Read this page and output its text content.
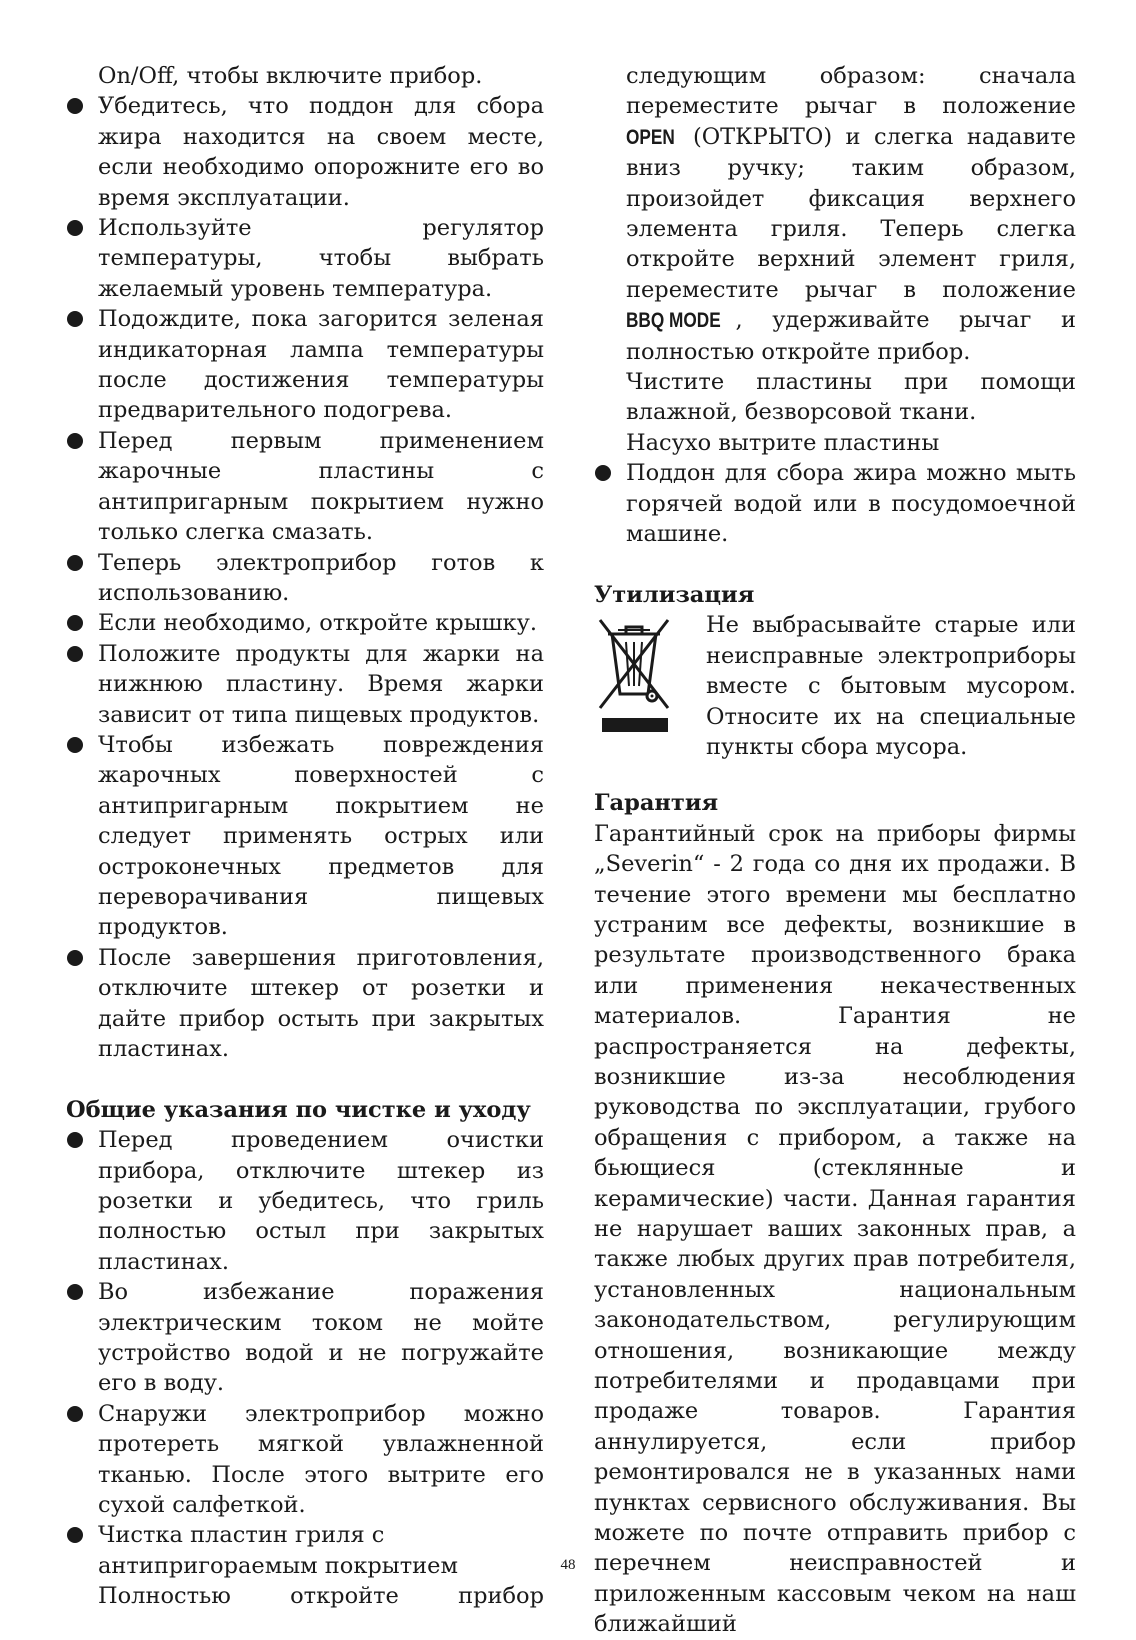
On/Off, чтобы включите прибор.
Убедитесь, что поддон для сбора жира находится на своем месте, если необходимо опорожните его во время эксплуатации.
Используйте регулятор температуры, чтобы выбрать желаемый уровень температура.
Подождите, пока загорится зеленая индикаторная лампа температуры после достижения температуры предварительного подогрева.
Перед первым применением жарочные пластины с антипригарным покрытием нужно только слегка смазать.
Теперь электроприбор готов к использованию.
Если необходимо, откройте крышку.
Положите продукты для жарки на нижнюю пластину. Время жарки зависит от типа пищевых продуктов.
Чтобы избежать повреждения жарочных поверхностей с антипригарным покрытием не следует применять острых или остроконечных предметов для переворачивания пищевых продуктов.
После завершения приготовления, отключите штекер от розетки и дайте прибор остыть при закрытых пластинах.
Общие указания по чистке и уходу
Перед проведением очистки прибора, отключите штекер из розетки и убедитесь, что гриль полностью остыл при закрытых пластинах.
Во избежание поражения электрическим током не мойте устройство водой и не погружайте его в воду.
Снаружи электроприбор можно протереть мягкой увлажненной тканью. После этого вытрите его сухой салфеткой.
Чистка пластин гриля с антипригораемым покрытием
Полностью откройте прибор
следующим образом: сначала переместите рычаг в положение OPEN (ОТКРЫТО) и слегка надавите вниз ручку; таким образом, произойдет фиксация верхнего элемента гриля. Теперь слегка откройте верхний элемент гриля, переместите рычаг в положение BBQ MODE , удерживайте рычаг и полностью откройте прибор.
Чистите пластины при помощи влажной, безворсовой ткани.
Насухо вытрите пластины
Поддон для сбора жира можно мыть горячей водой или в посудомоечной машине.
Утилизация
Не выбрасывайте старые или неисправные электроприборы вместе с бытовым мусором. Относите их на специальные пункты сбора мусора.
Гарантия
Гарантийный срок на приборы фирмы „Severin“ - 2 года со дня их продажи. В течение этого времени мы бесплатно устраним все дефекты, возникшие в результате производственного брака или применения некачественных материалов. Гарантия не распространяется на дефекты, возникшие из-за несоблюдения руководства по эксплуатации, грубого обращения с прибором, а также на бьющиеся (стеклянные и керамические) части. Данная гарантия не нарушает ваших законных прав, а также любых других прав потребителя, установленных национальным законодательством, регулирующим отношения, возникающие между потребителями и продавцами при продаже товаров. Гарантия аннулируется, если прибор ремонтировался не в указанных нами пунктах сервисного обслуживания. Вы можете по почте отправить прибор с перечнем неисправностей и приложенным кассовым чеком на наш ближайший
48
